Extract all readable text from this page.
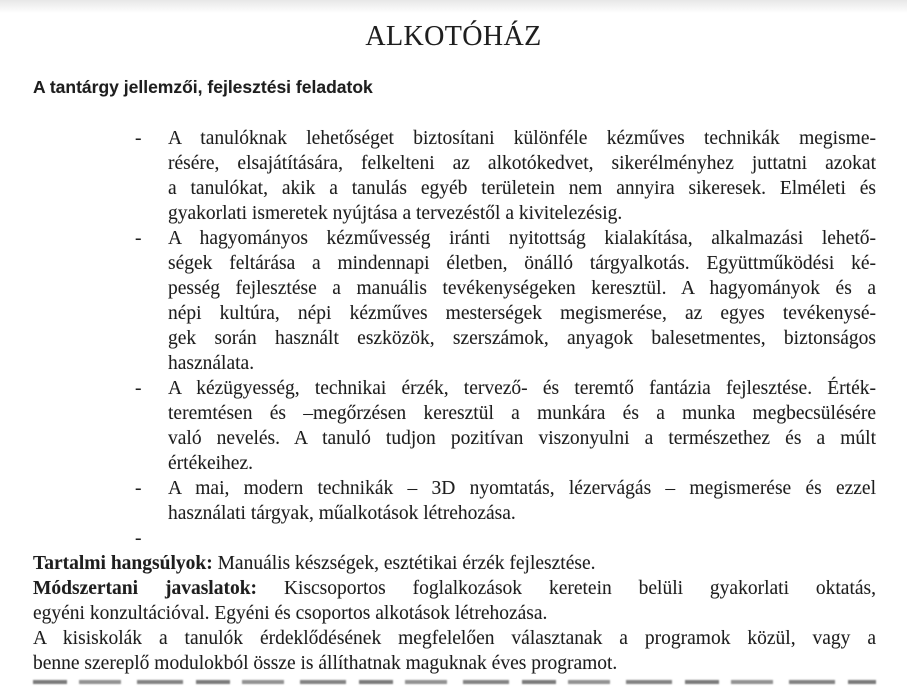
ALKOTÓHÁZ
A tantárgy jellemzői, fejlesztési feladatok
-	A tanulóknak lehetőséget biztosítani különféle kézműves technikák megisme-
résére, elsajátítására, felkelteni az alkotókedvet, sikerélményhez juttatni azokat
a tanulókat, akik a tanulás egyéb területein nem annyira sikeresek. Elméleti és
gyakorlati ismeretek nyújtása a tervezéstől a kivitelezésig.
-	A hagyományos kézművesség iránti nyitottság kialakítása, alkalmazási lehető-
ségek feltárása a mindennapi életben, önálló tárgyalkotás. Együttműködési ké-
pesség fejlesztése a manuális tevékenységeken keresztül. A hagyományok és a
népi kultúra, népi kézműves mesterségek megismerése, az egyes tevékenysé-
gek során használt eszközök, szerszámok, anyagok balesetmentes, biztonságos
használata.
-	A kézügyesség, technikai érzék, tervező- és teremtő fantázia fejlesztése. Érték-
teremtésen és –megőrzésen keresztül a munkára és a munka megbecsülésére
való nevelés. A tanuló tudjon pozitívan viszonyulni a természethez és a múlt
értékeihez.
-	A mai, modern technikák – 3D nyomtatás, lézervágás – megismerése és ezzel
használati tárgyak, műalkotások létrehozása.
-
Tartalmi hangsúlyok: Manuális készségek, esztétikai érzék fejlesztése.
Módszertani javaslatok: Kiscsoportos foglalkozások keretein belüli gyakorlati oktatás,
egyéni konzultációval. Egyéni és csoportos alkotások létrehozása.
A kisiskolák a tanulók érdeklődésének megfelelően választanak a programok közül, vagy a
benne szereplő modulokból össze is állíthatnak maguknak éves programot.
